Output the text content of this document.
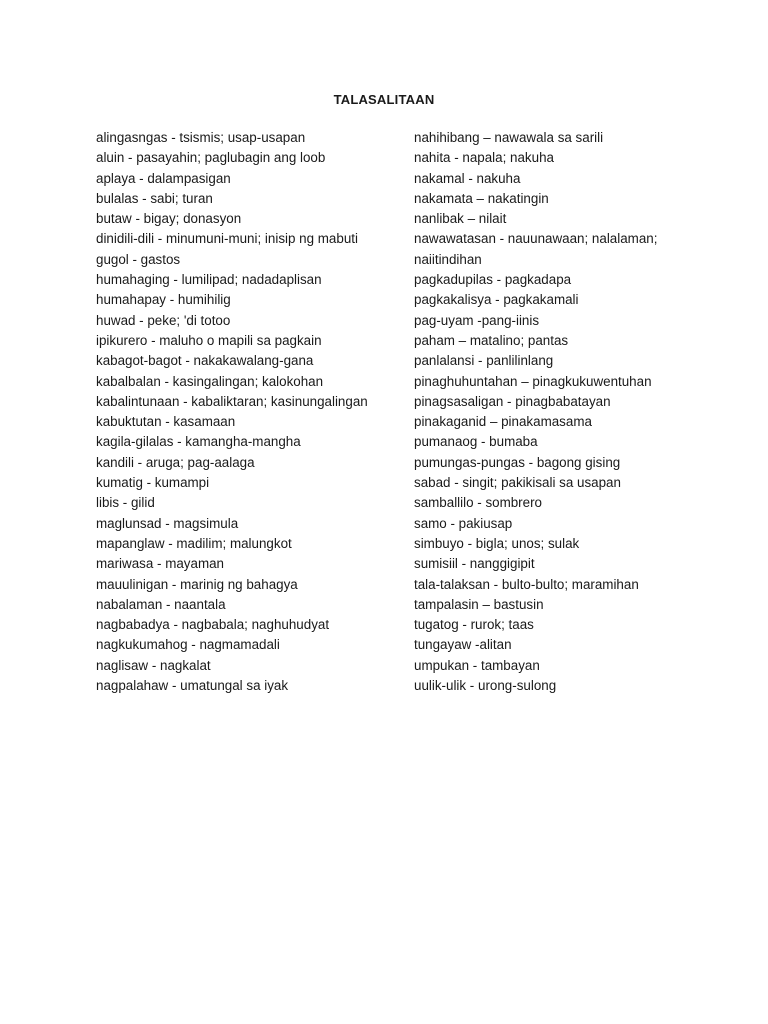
TALASALITAAN
alingasngas - tsismis; usap-usapan
aluin - pasayahin; paglubagin ang loob
aplaya - dalampasigan
bulalas - sabi; turan
butaw - bigay; donasyon
dinidili-dili - minumuni-muni; inisip ng mabuti
gugol - gastos
humahaging - lumilipad; nadadaplisan
humahapay - humihilig
huwad - peke; 'di totoo
ipikurero - maluho o mapili sa pagkain
kabagot-bagot - nakakawalang-gana
kabalbalan - kasingalingan; kalokohan
kabalintunaan - kabaliktaran; kasinungalingan
kabuktutan - kasamaan
kagila-gilalas - kamangha-mangha
kandili - aruga; pag-aalaga
kumatig - kumampi
libis - gilid
maglunsad - magsimula
mapanglaw - madilim; malungkot
mariwasa - mayaman
mauulinigan - marinig ng bahagya
nabalaman - naantala
nagbabadya - nagbabala; naghuhudyat
nagkukumahog - nagmamadali
naglisaw - nagkalat
nagpalahaw - umatungal sa iyak
nahihibang – nawawala sa sarili
nahita - napala; nakuha
nakamal - nakuha
nakamata – nakatingin
nanlibak – nilait
nawawatasan - nauunawaan; nalalaman; naiitindihan
pagkadupilas - pagkadapa
pagkakalisya - pagkakamali
pag-uyam -pang-iinis
paham – matalino; pantas
panlalansi - panlilinlang
pinaghuhuntahan – pinagkukuwentuhan
pinagsasaligan - pinagbabatayan
pinakaganid – pinakamasama
pumanaog - bumaba
pumungas-pungas - bagong gising
sabad - singit; pakikisali sa usapan
samballilo - sombrero
samo - pakiusap
simbuyo - bigla; unos; sulak
sumisiil - nanggigipit
tala-talaksan - bulto-bulto; maramihan
tampalasin – bastusin
tugatog - rurok; taas
tungayaw -alitan
umpukan - tambayan
uulik-ulik - urong-sulong
